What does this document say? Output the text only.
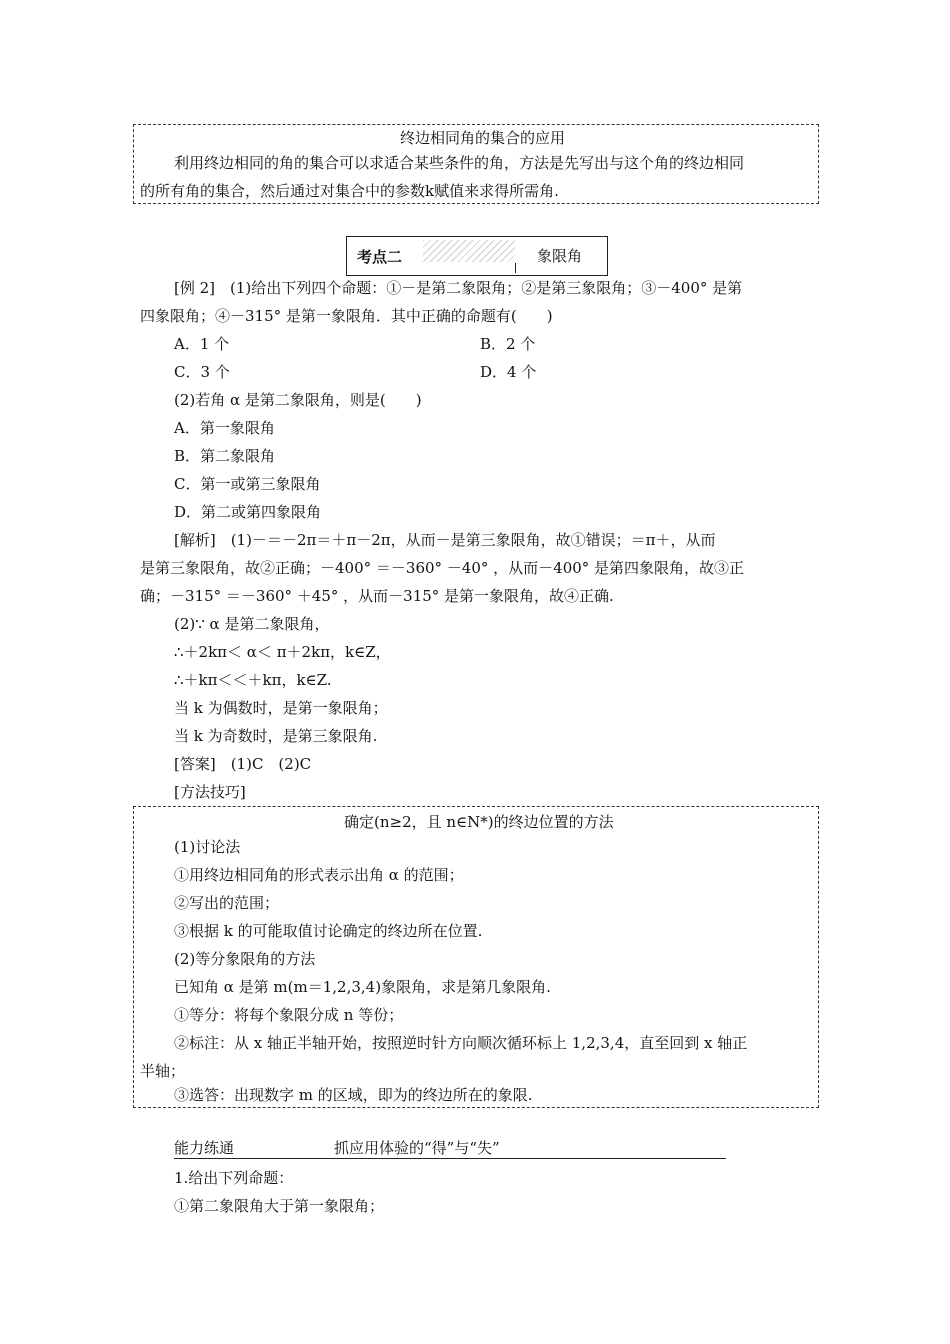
终边相同角的集合的应用
利用终边相同的角的集合可以求适合某些条件的角，方法是先写出与这个角的终边相同
的所有角的集合，然后通过对集合中的参数k赋值来求得所需角.
考点二	象限角
[例 2]　(1)给出下列四个命题：①－是第二象限角；②是第三象限角；③－400° 是第
四象限角；④－315° 是第一象限角．其中正确的命题有(　　)
A．1 个	B．2 个
C．3 个	D．4 个
(2)若角 α 是第二象限角，则是(　　)
A．第一象限角
B．第二象限角
C．第一或第三象限角
D．第二或第四象限角
[解析]　(1)－＝－2π＝＋π－2π，从而－是第三象限角，故①错误；＝π＋，从而
是第三象限角，故②正确；－400° ＝－360° －40° ，从而－400° 是第四象限角，故③正
确；－315° ＝－360° ＋45° ，从而－315° 是第一象限角，故④正确.
(2)∵ α 是第二象限角，
∴＋2kπ＜ α＜ π＋2kπ，k∈Z，
∴＋kπ＜＜＋kπ，k∈Z.
当 k 为偶数时，是第一象限角；
当 k 为奇数时，是第三象限角.
[答案]　(1)C　(2)C
[方法技巧]
确定(n≥2，且 n∈N*)的终边位置的方法
(1)讨论法
①用终边相同角的形式表示出角 α 的范围；
②写出的范围；
③根据 k 的可能取值讨论确定的终边所在位置.
(2)等分象限角的方法
已知角 α 是第 m(m＝1,2,3,4)象限角，求是第几象限角.
①等分：将每个象限分成 n 等份；
②标注：从 x 轴正半轴开始，按照逆时针方向顺次循环标上 1,2,3,4，直至回到 x 轴正
半轴；
③选答：出现数字 m 的区域，即为的终边所在的象限.
能力练通	抓应用体验的“得”与“失”
1.给出下列命题：
①第二象限角大于第一象限角；
